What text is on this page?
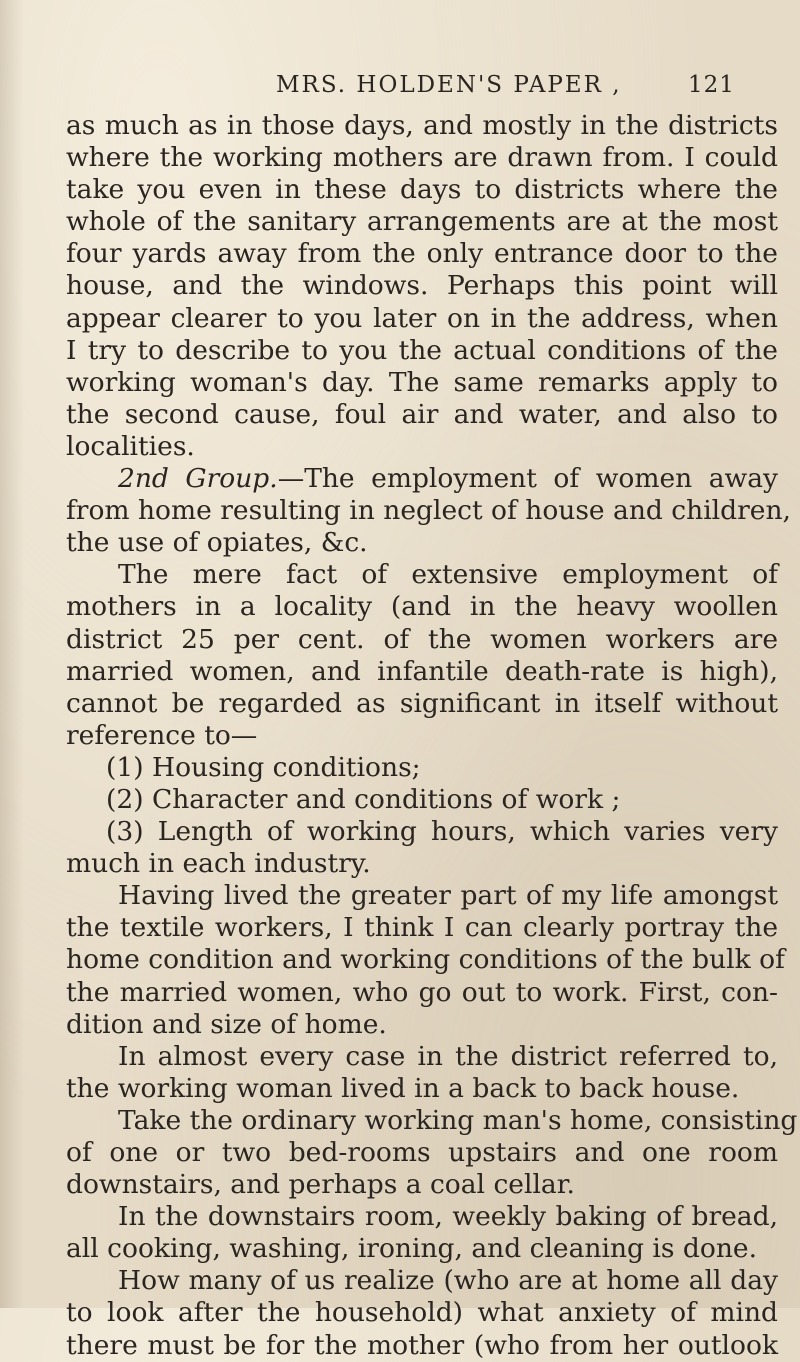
MRS. HOLDEN'S PAPER ,	121
as much as in those days, and mostly in the districts
where the working mothers are drawn from. I could
take you even in these days to districts where the
whole of the sanitary arrangements are at the most
four yards away from the only entrance door to the
house, and the windows. Perhaps this point will
appear clearer to you later on in the address, when
I try to describe to you the actual conditions of the
working woman's day. The same remarks apply to
the second cause, foul air and water, and also to
localities.
2nd Group.—The employment of women away
from home resulting in neglect of house and children,
the use of opiates, &c.
The mere fact of extensive employment of
mothers in a locality (and in the heavy woollen
district 25 per cent. of the women workers are
married women, and infantile death-rate is high),
cannot be regarded as significant in itself without
reference to—
(1) Housing conditions;
(2) Character and conditions of work ;
(3) Length of working hours, which varies very
much in each industry.
Having lived the greater part of my life amongst
the textile workers, I think I can clearly portray the
home condition and working conditions of the bulk of
the married women, who go out to work. First, con-
dition and size of home.
In almost every case in the district referred to,
the working woman lived in a back to back house.
Take the ordinary working man's home, consisting
of one or two bed-rooms upstairs and one room
downstairs, and perhaps a coal cellar.
In the downstairs room, weekly baking of bread,
all cooking, washing, ironing, and cleaning is done.
How many of us realize (who are at home all day
to look after the household) what anxiety of mind
there must be for the mother (who from her outlook
